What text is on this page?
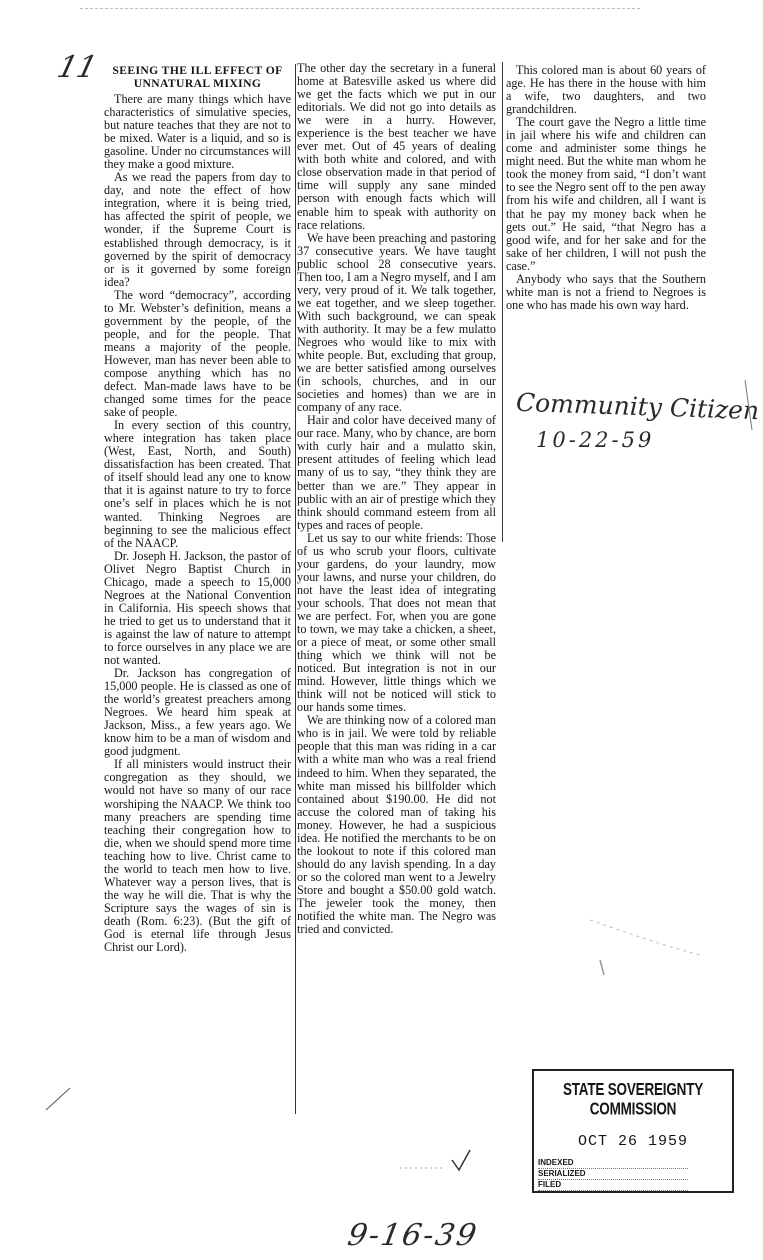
11	SEEING THE ILL EFFECT OF
UNNATURAL MIXING

There are many things which have characteristics of simulative species, but nature teaches that they are not to be mixed. Water is a liquid, and so is gasoline. Under no circumstances will they make a good mixture.

As we read the papers from day to day, and note the effect of how integration, where it is being tried, has affected the spirit of people, we wonder, if the Supreme Court is established through democracy, is it governed by the spirit of democracy or is it governed by some foreign idea?

The word “democracy”, according to Mr. Webster’s definition, means a government by the people, of the people, and for the people. That means a majority of the people. However, man has never been able to compose anything which has no defect. Man-made laws have to be changed some times for the peace sake of people.

In every section of this country, where integration has taken place (West, East, North, and South) dissatisfaction has been created. That of itself should lead any one to know that it is against nature to try to force one’s self in places which he is not wanted. Thinking Negroes are beginning to see the malicious effect of the NAACP.

Dr. Joseph H. Jackson, the pastor of Olivet Negro Baptist Church in Chicago, made a speech to 15,000 Negroes at the National Convention in California. His speech shows that he tried to get us to understand that it is against the law of nature to attempt to force ourselves in any place we are not wanted.

Dr. Jackson has congregation of 15,000 people. He is classed as one of the world’s greatest preachers among Negroes. We heard him speak at Jackson, Miss., a few years ago. We know him to be a man of wisdom and good judgment.

If all ministers would instruct their congregation as they should, we would not have so many of our race worshiping the NAACP. We think too many preachers are spending time teaching their congregation how to die, when we should spend more time teaching how to live. Christ came to the world to teach men how to live. Whatever way a person lives, that is the way he will die. That is why the Scripture says the wages of sin is death (Rom. 6:23). (But the gift of God is eternal life through Jesus Christ our Lord).

The other day the secretary in a funeral home at Batesville asked us where did we get the facts which we put in our editorials. We did not go into details as we were in a hurry. However, experience is the best teacher we have ever met. Out of 45 years of dealing with both white and colored, and with close observation made in that period of time will supply any sane minded person with enough facts which will enable him to speak with authority on race relations.

We have been preaching and pastoring 37 consecutive years. We have taught public school 28 consecutive years. Then too, I am a Negro myself, and I am very, very proud of it. We talk together, we eat together, and we sleep together. With such background, we can speak with authority. It may be a few mulatto Negroes who would like to mix with white people. But, excluding that group, we are better satisfied among ourselves (in schools, churches, and in our societies and homes) than we are in company of any race.

Hair and color have deceived many of our race. Many, who by chance, are born with curly hair and a mulatto skin, present attitudes of feeling which lead many of us to say, “they think they are better than we are.” They appear in public with an air of prestige which they think should command esteem from all types and races of people.

Let us say to our white friends: Those of us who scrub your floors, cultivate your gardens, do your laundry, mow your lawns, and nurse your children, do not have the least idea of integrating your schools. That does not mean that we are perfect. For, when you are gone to town, we may take a chicken, a sheet, or a piece of meat, or some other small thing which we think will not be noticed. But integration is not in our mind. However, little things which we think will not be noticed will stick to our hands some times.

We are thinking now of a colored man who is in jail. We were told by reliable people that this man was riding in a car with a white man who was a real friend indeed to him. When they separated, the white man missed his billfolder which contained about $190.00. He did not accuse the colored man of taking his money. However, he had a suspicious idea. He notified the merchants to be on the lookout to note if this colored man should do any lavish spending. In a day or so the colored man went to a Jewelry Store and bought a $50.00 gold watch. The jeweler took the money, then notified the white man. The Negro was tried and convicted.

This colored man is about 60 years of age. He has there in the house with him a wife, two daughters, and two grandchildren.

The court gave the Negro a little time in jail where his wife and children can come and administer some things he might need. But the white man whom he took the money from said, “I don’t want to see the Negro sent off to the pen away from his wife and children, all I want is that he pay my money back when he gets out.” He said, “that Negro has a good wife, and for her sake and for the sake of her children, I will not push the case.”

Anybody who says that the Southern white man is not a friend to Negroes is one who has made his own way hard.

Community Citizen
10-22-59
9-16-39
STATE SOVEREIGNTY COMMISSION
OCT 26 1959
INDEXED
SERIALIZED
FILED
